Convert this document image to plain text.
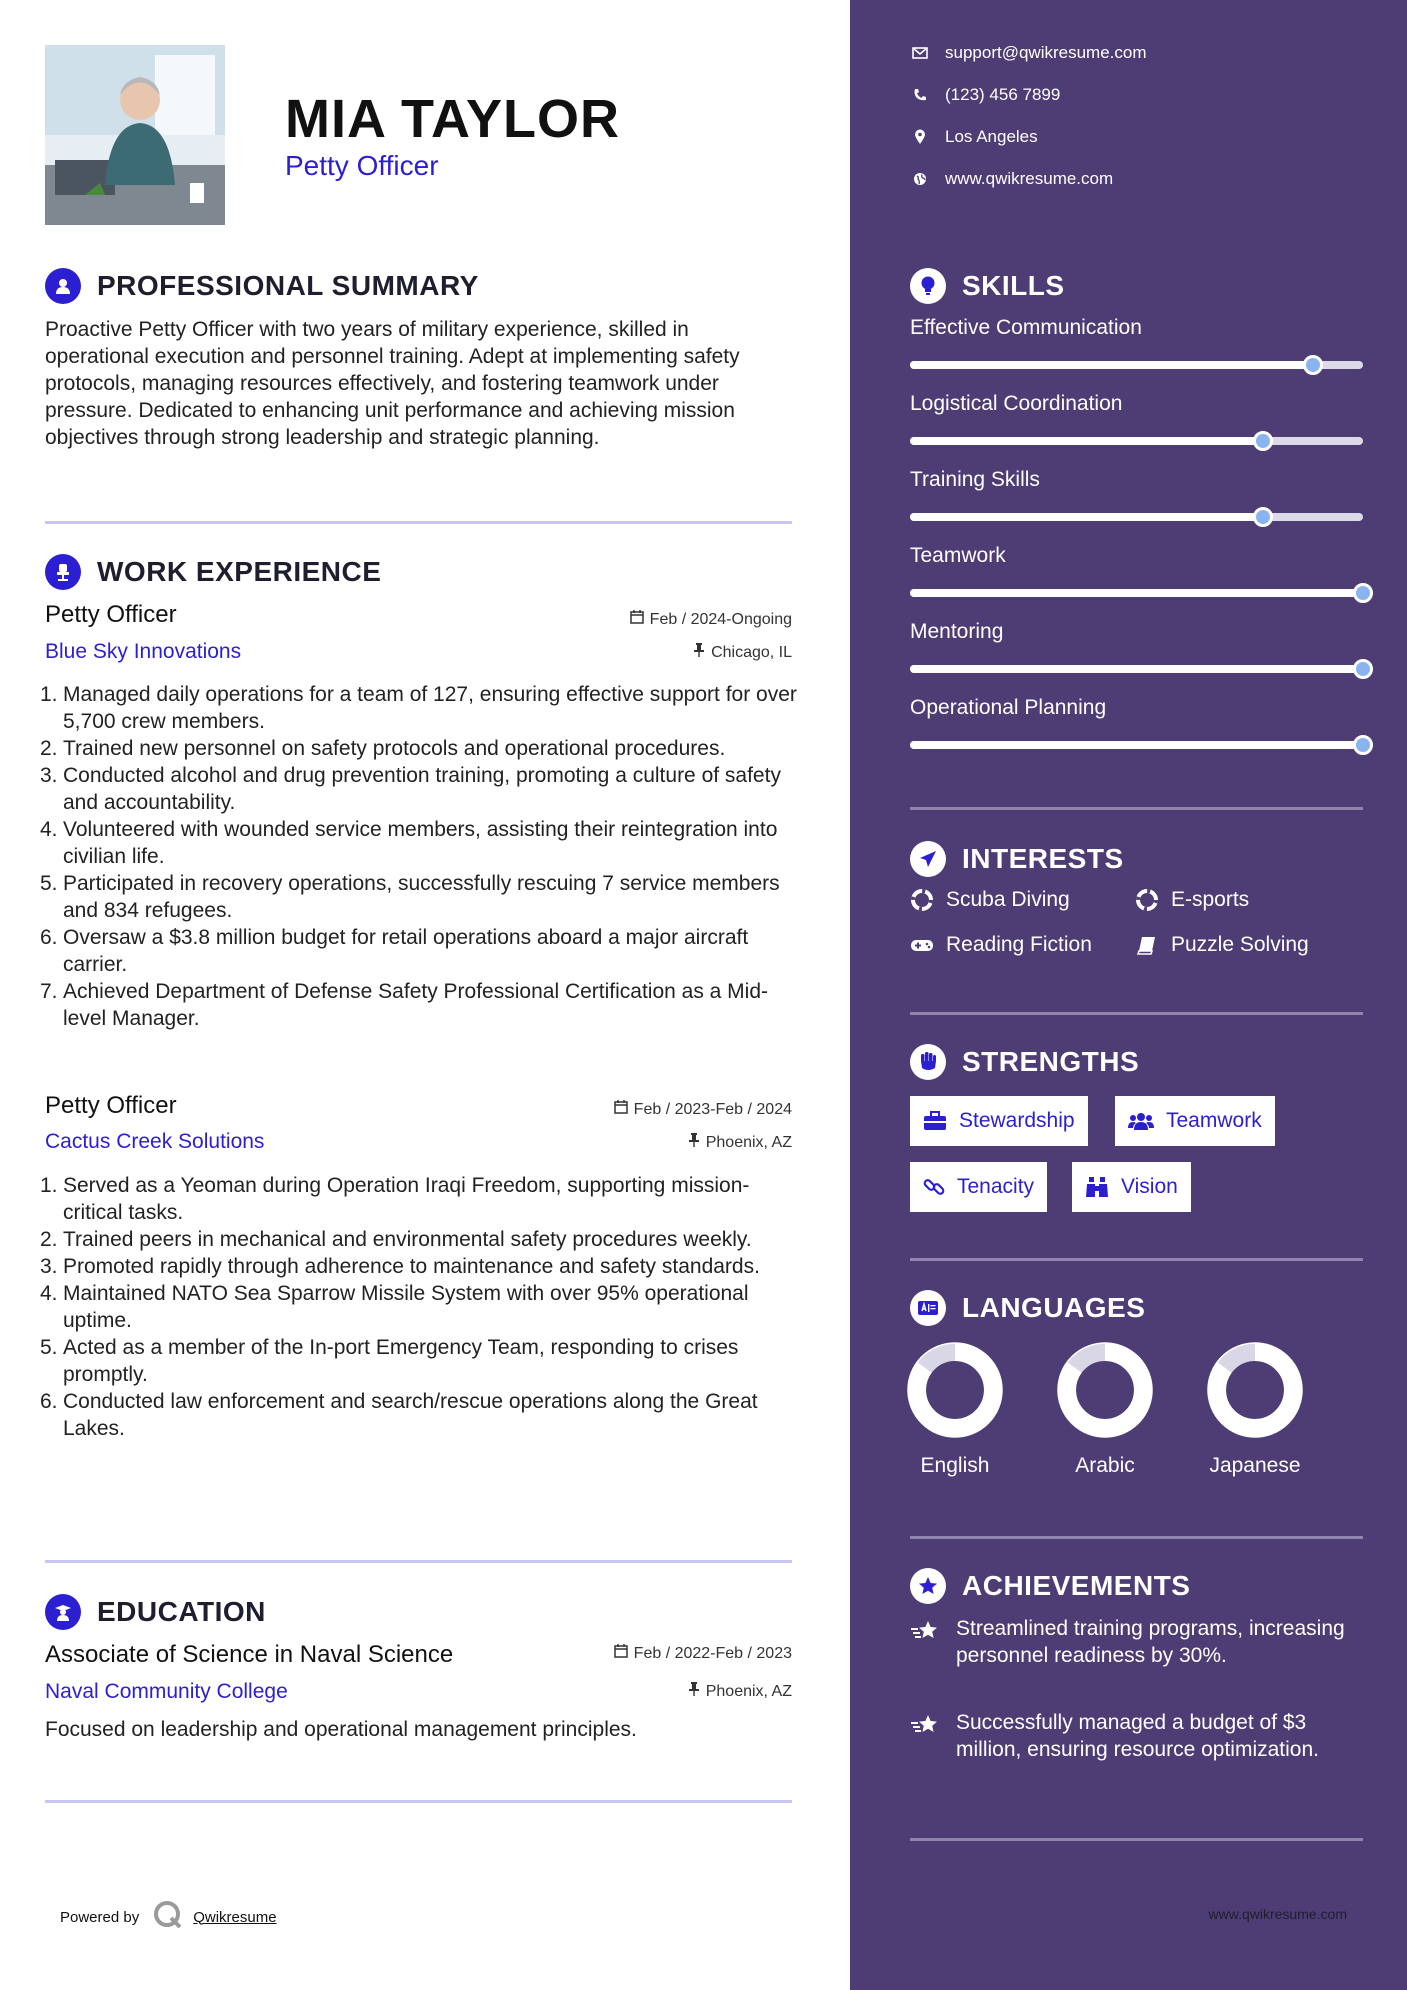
MIA TAYLOR
Petty Officer
PROFESSIONAL SUMMARY
Proactive Petty Officer with two years of military experience, skilled in operational execution and personnel training. Adept at implementing safety protocols, managing resources effectively, and fostering teamwork under pressure. Dedicated to enhancing unit performance and achieving mission objectives through strong leadership and strategic planning.
WORK EXPERIENCE
Petty Officer	Feb / 2024-Ongoing
Blue Sky Innovations	Chicago, IL
1. Managed daily operations for a team of 127, ensuring effective support for over 5,700 crew members.
2. Trained new personnel on safety protocols and operational procedures.
3. Conducted alcohol and drug prevention training, promoting a culture of safety and accountability.
4. Volunteered with wounded service members, assisting their reintegration into civilian life.
5. Participated in recovery operations, successfully rescuing 7 service members and 834 refugees.
6. Oversaw a $3.8 million budget for retail operations aboard a major aircraft carrier.
7. Achieved Department of Defense Safety Professional Certification as a Mid-level Manager.
Petty Officer	Feb / 2023-Feb / 2024
Cactus Creek Solutions	Phoenix, AZ
1. Served as a Yeoman during Operation Iraqi Freedom, supporting mission-critical tasks.
2. Trained peers in mechanical and environmental safety procedures weekly.
3. Promoted rapidly through adherence to maintenance and safety standards.
4. Maintained NATO Sea Sparrow Missile System with over 95% operational uptime.
5. Acted as a member of the In-port Emergency Team, responding to crises promptly.
6. Conducted law enforcement and search/rescue operations along the Great Lakes.
EDUCATION
Associate of Science in Naval Science	Feb / 2022-Feb / 2023
Naval Community College	Phoenix, AZ
Focused on leadership and operational management principles.
Powered by	Qwikresume
support@qwikresume.com
(123) 456 7899
Los Angeles
www.qwikresume.com
SKILLS
Effective Communication
Logistical Coordination
Training Skills
Teamwork
Mentoring
Operational Planning
INTERESTS
Scuba Diving	E-sports
Reading Fiction	Puzzle Solving
STRENGTHS
Stewardship	Teamwork
Tenacity	Vision
LANGUAGES
English	Arabic	Japanese
ACHIEVEMENTS
Streamlined training programs, increasing personnel readiness by 30%.
Successfully managed a budget of $3 million, ensuring resource optimization.
www.qwikresume.com
